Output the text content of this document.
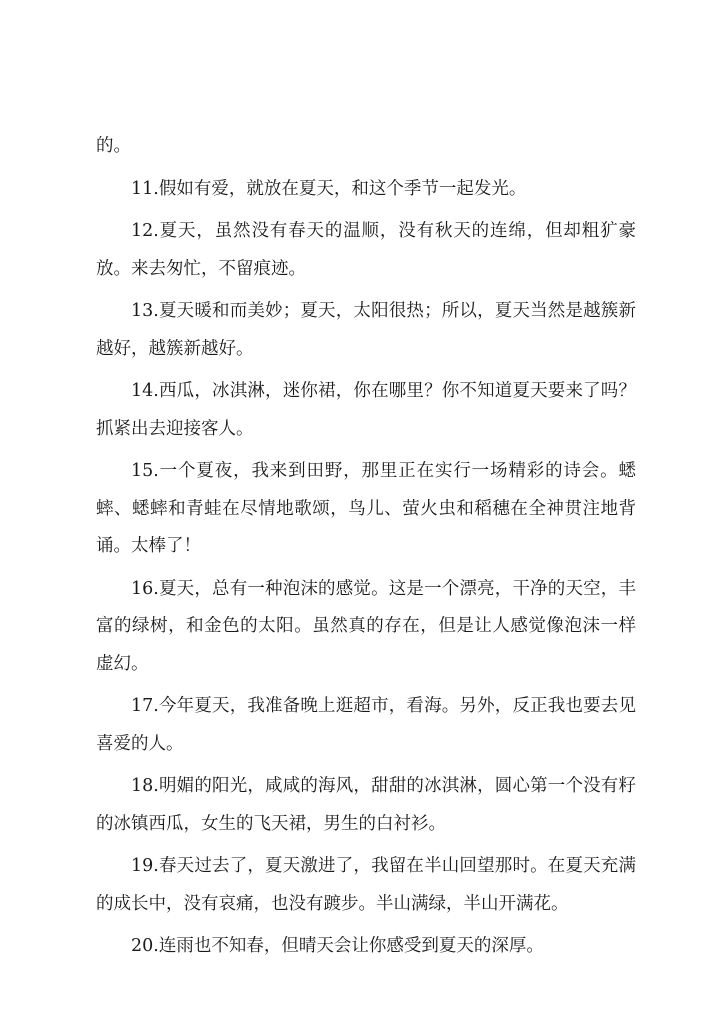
的。

11.假如有爱，就放在夏天，和这个季节一起发光。

12.夏天，虽然没有春天的温顺，没有秋天的连绵，但却粗犷豪放。来去匆忙，不留痕迹。

13.夏天暖和而美妙；夏天，太阳很热；所以，夏天当然是越簇新越好，越簇新越好。

14.西瓜，冰淇淋，迷你裙，你在哪里？你不知道夏天要来了吗？抓紧出去迎接客人。

15.一个夏夜，我来到田野，那里正在实行一场精彩的诗会。蟋蟀、蟋蟀和青蛙在尽情地歌颂，鸟儿、萤火虫和稻穗在全神贯注地背诵。太棒了！

16.夏天，总有一种泡沫的感觉。这是一个漂亮，干净的天空，丰富的绿树，和金色的太阳。虽然真的存在，但是让人感觉像泡沫一样虚幻。

17.今年夏天，我准备晚上逛超市，看海。另外，反正我也要去见喜爱的人。

18.明媚的阳光，咸咸的海风，甜甜的冰淇淋，圆心第一个没有籽的冰镇西瓜，女生的飞天裙，男生的白衬衫。

19.春天过去了，夏天激进了，我留在半山回望那时。在夏天充满的成长中，没有哀痛，也没有踱步。半山满绿，半山开满花。

20.连雨也不知春，但晴天会让你感受到夏天的深厚。
